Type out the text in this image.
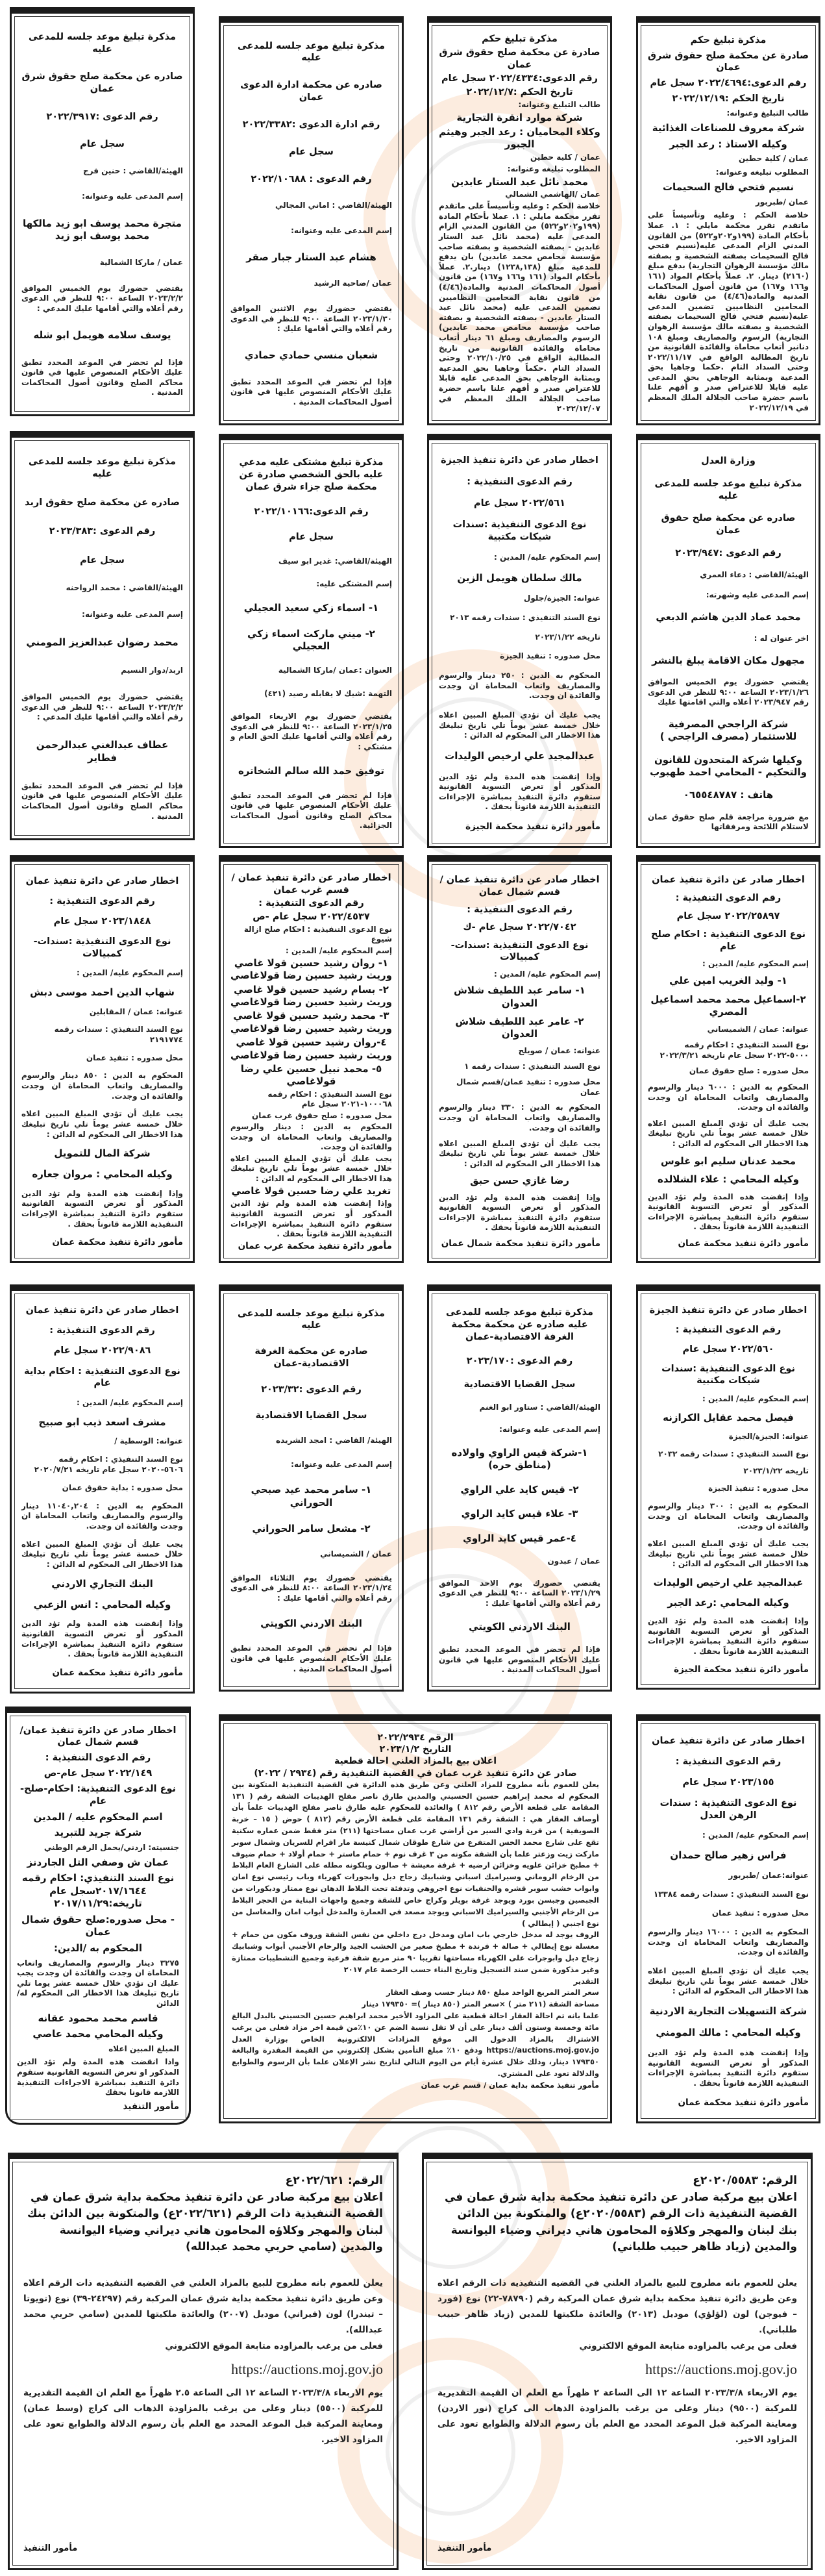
مذكرة تبليغ حكم
صادرة عن محكمة صلح حقوق شرق عمان
رقم الدعوى:٢٠٢٢/٤٦٩٤ سجل عام
تاريخ الحكم :٢٠٢٢/١٢/١٩
طالب التبليغ وعنوانه:
شركة معروف للصناعات الغذائية
وكيله الاستاذ : رعد الجبر
عمان / كلية حطين
المطلوب تبليغه وعنوانه:
نسيم فتحي فالح السحيمات
عمان /طبربور
خلاصة الحكم : وعليه وتأسيساً على ماتقدم تقرر محكمة مايلي : ١. عملا بأحكام المادة (١٩٩و٢٠٢و٥٢٢) من القانون المدني الزام المدعى عليه(نسيم فتحي فالح السحيمات بصفته الشخصية و بصفته مالك مؤسسة الرهوان التجارية) بدفع مبلغ (٢١٦٠) دينار. ٢. عملاً بأحكام المواد (١٦١ و١٦٦ و١٦٧) من قانون أصول المحاكمات المدنية والمادة(٤/٤٦) من قانون نقابة المحامين النظاميين تضمين المدعى عليه(نسيم فتحي فالح السحيمات بصفته الشخصية و بصفته مالك مؤسسة الرهوان التجارية) الرسوم والمصاريف ومبلغ ١٠٨ دنانير أتعاب محاماة والفائدة القانونية من تاريخ المطالبة الواقع في ٢٠٢٢/١١/١٧ وحتى السداد التام .حكما وجاهيا بحق المدعية وبمثابة الوجاهي بحق المدعى عليه قابلا للاعتراض صدر و أفهم علنا باسم حضرة صاحب الجلالة الملك المعظم في ٢٠٢٢/١٢/١٩
مذكرة تبليغ حكم
صادرة عن محكمة صلح حقوق شرق عمان
رقم الدعوى:٢٠٢٢/٤٣٣٤ سجل عام
تاريخ الحكم :٢٠٢٢/١٢/٧
طالب التبليغ وعنوانه:
شركة موارد انقرة التجارية
وكلاء المحاميان : رعد الجبر وهيثم الجبور
عمان / كلية حطين
المطلوب تبليغه وعنوانه:
محمد نائل عبد الستار عابدين
عمان /الهاشمي الشمالي
خلاصة الحكم : وعليه وتأسيساً على ماتقدم تقرر محكمة مايلي : ١. عملا بأحكام المادة (١٩٩و٢٠٢و٥٢٢) من القانون المدني الزام المدعى عليه (محمد نائل عبد الستار عابدين - بصفته الشخصية و بصفته صاحب مؤسسة محامص محمد عابدين) بان يدفع للمدعية مبلغ (١٢٣٨,١٣٨) دينار.٢. عملاً بأحكام المواد (١٦١ و١٦٦ و١٦٧) من قانون أصول المحاكمات المدنية والمادة(٤/٤٦) من قانون نقابة المحامين النظاميين تضمين المدعى عليه (محمد نائل عبد الستار عابدين - بصفته الشخصية و بصفته صاحب مؤسسة محامص محمد عابدين) الرسوم والمصاريف ومبلغ ٦١ دينار أتعاب محاماة والفائدة القانونية من تاريخ المطالبة الواقع في ٢٠٢٢/١٠/٢٥ وحتى السداد التام .حكماً وجاهيا بحق المدعية وبمثابة الوجاهي بحق المدعى عليه قابلا للاعتراض صدر و أفهم علنا باسم حضرة صاحب الجلالة الملك المعظم في ٢٠٢٢/١٢/٠٧
مذكرة تبليغ موعد جلسه للمدعى عليه
صادره عن محكمة ادارة الدعوى عمان
رقم ادارة الدعوى :٢٠٢٢/٣٣٨٢
سجل عام
رقم الدعوى : ٢٠٢٢/١٠٦٨٨
الهيئة/القاضي : اماني المجالي
إسم المدعى عليه وعنوانه:
هشام عبد الستار جبار صقر
عمان /ضاحية الرشيد
يقتضي حضورك يوم الاثنين الموافق ٢٠٢٣/١/٣٠ الساعة ٩:٠٠ للنظر في الدعوى رقم أعلاه والتي أقامها عليك :
شعبان منسي حمادي حمادي
فإذا لم تحضر في الموعد المحدد تطبق عليك الأحكام المنصوص عليها في قانون أصول المحاكمات المدنية .
مذكرة تبليغ موعد جلسه للمدعى عليه
صادره عن محكمة صلح حقوق شرق عمان
رقم الدعوى :٢٠٢٢/٣٩١٧
سجل عام
الهيئة/القاضي : حنين فرج
إسم المدعى عليه وعنوانه:
متجرة محمد يوسف ابو زيد مالكها محمد يوسف ابو زيد
عمان / ماركا الشمالية
يقتضي حضورك يوم الخميس الموافق ٢٠٢٣/٢/٢ الساعة ٩:٠٠ للنظر في الدعوى رقم أعلاه والتي أقامها عليك المدعي :
يوسف سلامه هويمل ابو شله
فإذا لم تحضر في الموعد المحدد تطبق عليك الأحكام المنصوص عليها في قانون محاكم الصلح وقانون أصول المحاكمات المدنية .
وزارة العدل
مذكرة تبليغ موعد جلسه للمدعى عليه
صادره عن محكمة صلح حقوق عمان
رقم الدعوى :٢٠٢٣/٩٤٧
الهيئة/القاضي : دعاء العمري
إسم المدعى عليه وشهرته:
محمد عماد الدين هاشم الدبعي
اخر عنوان له :
مجهول مكان الاقامة يبلغ بالنشر
يقتضي حضورك يوم الخميس الموافق ٢٠٢٣/١/٢٦ الساعة ٩:٠٠ للنظر في الدعوى رقم ٢٠٢٣/٩٤٧ أعلاه والتي اقامتها عليك
شركة الراجحي المصرفية للاستثمار (مصرف الراجحي )
وكيلها شركة المتحدون للقانون والتحكيم - المحامي احمد طهبوب
هاتف : ٠٦٥٥٤٨٧٨٧
مع ضرورة مراجعة قلم صلح حقوق عمان لاستلام اللائحة ومرفقاتها
اخطار صادر عن دائرة تنفيذ الجيزة
رقم الدعوى التنفيذية :
٢٠٢٢/٥٦١ سجل عام
نوع الدعوى التنفيذية :سندات شيكات مكتبية
إسم المحكوم عليه/ المدين :
مالك سلطان هويمل الزبن
عنوانه: الجيزة/جلول
نوع السند التنفيذي : سندات رقمه ٢٠١٣
تاريخه ٢٠٢٣/١/٢٢
محل صدوره : تنفيذ الجيزة
المحكوم به الدين : ٢٥٠ دينار والرسوم والمصاريف واتعاب المحاماة ان وجدت والفائدة ان وجدت.
يجب عليك أن تؤدي المبلغ المبين اعلاه خلال خمسة عشر يوماً تلي تاريخ تبليغك هذا الاخطار الى المحكوم له الدائن :
عبدالمجيد علي ارخيص الوليدات
وإذا إنقضت هذه المدة ولم تؤد الدين المذكور أو تعرض التسوية القانونية ستقوم دائرة التنفيذ بمباشرة الإجراءات التنفيذية اللازمة قانوناً بحقك .
مأمور دائرة تنفيذ محكمة الجيزة
مذكرة تبليغ مشتكى عليه مدعي عليه بالحق الشخصي صادرة عن محكمة صلح جزاء شرق عمان
رقم الدعوى:٢٠٢٢/١٠١٦٦
سجل عام
الهيئة/القاضي: غدير ابو سيف
إسم المشتكى عليه:
١- اسماء زكي سعيد العجيلي
٢- ميني ماركت اسماء زكي العجيلي
العنوان :عمان /ماركا الشمالية
التهمة :شيك لا يقابله رصيد (٤٢١)
يقتضي حضورك يوم الاربعاء الموافق ٢٠٢٣/١/٢٥ الساعة ٩:٠٠ للنظر في الدعوى رقم أعلاه والتي أقامها عليك الحق العام و مشتكي :
توفيق حمد الله سالم الشخاتره
فإذا لم تحضر في الموعد المحدد تطبق عليك الأحكام المنصوص عليها في قانون محاكم الصلح وقانون أصول المحاكمات الجزائية.
مذكرة تبليغ موعد جلسه للمدعى عليه
صادره عن محكمة صلح حقوق اربد
رقم الدعوى :٢٠٢٣/٣٨٣
سجل عام
الهيئة/القاضي : محمد الرواحنه
إسم المدعى عليه وعنوانه:
محمد رضوان عبدالعزيز المومني
اربد/دوار النسيم
يقتضي حضورك يوم الخميس الموافق ٢٠٢٣/٢/٢ الساعة ٩:٠٠ للنظر في الدعوى رقم أعلاه والتي أقامها عليك المدعي :
عطاف عبدالغني عبدالرحمن فطاير
فإذا لم تحضر في الموعد المحدد تطبق عليك الأحكام المنصوص عليها في قانون محاكم الصلح وقانون أصول المحاكمات المدنية .
اخطار صادر عن دائرة تنفيذ عمان
رقم الدعوى التنفيذية :
٢٠٢٢/٢٥٨٩٧ سجل عام
نوع الدعوى التنفيذية : احكام صلح عام
إسم المحكوم عليه/ المدين :
١- وليد الغريب امين علي
٢-اسماعيل محمد محمد اسماعيل المصري
عنوانه: عمان / الشميساني
نوع السند التنفيذي : احكام رقمه ٥٠٠٠-٢٠٢٢ سجل عام تاريخه ٢٠٢٢/٣/٢١
محل صدوره : صلح حقوق عمان
المحكوم به الدين : ٦٠٠٠ دينار والرسوم والمصاريف واتعاب المحاماة ان وجدت والفائدة ان وجدت.
يجب عليك أن تؤدي المبلغ المبين اعلاه خلال خمسة عشر يوماً تلي تاريخ تبليغك هذا الاخطار الى المحكوم له الدائن :
محمد عدنان سليم ابو غلوس
وكيله المحامي : علاء الشلالده
وإذا إنقضت هذه المدة ولم تؤد الدين المذكور أو تعرض التسوية القانونية ستقوم دائرة التنفيذ بمباشرة الإجراءات التنفيذية اللازمة قانوناً بحقك .
مأمور دائرة تنفيذ محكمة عمان
اخطار صادر عن دائرة تنفيذ عمان /قسم شمال عمان
رقم الدعوى التنفيذية :
٢٠٢٢/٧٠٤٢ سجل عام -ك
نوع الدعوى التنفيذية :سندات-كمبيالات
إسم المحكوم عليه/ المدين :
١- سامر عبد اللطيف شلاش العدوان
٢- عامر عبد اللطيف شلاش العدوان
عنوانه: عمان / صويلح
نوع السند التنفيذي : سندات رقمه ١
محل صدوره : تنفيذ عمان/قسم شمال عمان
المحكوم به الدين : ٣٣٠ دينار والرسوم والمصاريف واتعاب المحاماة ان وجدت والفائدة ان وجدت.
يجب عليك أن تؤدي المبلغ المبين اعلاه خلال خمسة عشر يوماً تلي تاريخ تبليغك هذا الاخطار الى المحكوم له الدائن :
رضا غازي حسن حبق
وإذا إنقضت هذه المدة ولم تؤد الدين المذكور أو تعرض التسوية القانونية ستقوم دائرة التنفيذ بمباشرة الإجراءات التنفيذية اللازمة قانوناً بحقك .
مأمور دائرة تنفيذ محكمة شمال عمان
اخطار صادر عن دائرة تنفيذ عمان /قسم غرب عمان
رقم الدعوى التنفيذية :
٢٠٢٢/٤٥٣٧ سجل عام -ص
نوع الدعوى التنفيذية : احكام صلح ازالة شيوع
إسم المحكوم عليه/ المدين :
١- روان رشيد حسين قولا غاصي وريث رشيد حسين رضا قولاغاصي
٢- بسام رشيد حسين قولا غاصي وريث رشيد حسين رضا قولاغاصي
٣- محمد رشيد حسين قولا غاصي وريث رشيد حسين رضا قولاغاصي
٤-روان رشيد حسين قولا غاصي وريث رشيد حسين رضا قولاغاصي
٥- محمد نبيل حسين علي رضا قولاغاصي
نوع السند التنفيذي : احكام رقمه ١٠٠٠٦٨-٢٠٢١ سجل عام
محل صدوره : صلح حقوق غرب عمان
المحكوم به الدين : دينار والرسوم والمصاريف واتعاب المحاماة ان وجدت والفائدة ان وجدت.
يجب عليك أن تؤدي المبلغ المبين اعلاه خلال خمسة عشر يوماً تلي تاريخ تبليغك هذا الاخطار الى المحكوم له الدائن :
تغريد علي رضا حسين قولا غاصي
وإذا إنقضت هذه المدة ولم تؤد الدين المذكور أو تعرض التسوية القانونية ستقوم دائرة التنفيذ بمباشرة الإجراءات التنفيذية اللازمة قانوناً بحقك .
مأمور دائرة تنفيذ محكمة غرب عمان
اخطار صادر عن دائرة تنفيذ عمان
رقم الدعوى التنفيذية :
٢٠٢٣/١٨٤٨ سجل عام
نوع الدعوى التنفيذية :سندات-كمبيالات
إسم المحكوم عليه/ المدين :
شهاب الدين احمد موسى دبش
عنوانه: عمان / المقابلين
نوع السند التنفيذي : سندات رقمه ٢١٩١٧٧٤
محل صدوره : تنفيذ عمان
المحكوم به الدين : ٨٥٠ دينار والرسوم والمصاريف واتعاب المحاماة ان وجدت والفائدة ان وجدت.
يجب عليك أن تؤدي المبلغ المبين اعلاه خلال خمسة عشر يوماً تلي تاريخ تبليغك هذا الاخطار الى المحكوم له الدائن :
شركة المال للتمويل
وكيله المحامي : مروان جعاره
وإذا إنقضت هذه المدة ولم تؤد الدين المذكور أو تعرض التسوية القانونية ستقوم دائرة التنفيذ بمباشرة الإجراءات التنفيذية اللازمة قانوناً بحقك .
مأمور دائرة تنفيذ محكمة عمان
اخطار صادر عن دائرة تنفيذ الجيزة
رقم الدعوى التنفيذية :
٢٠٢٢/٥٦٠ سجل عام
نوع الدعوى التنفيذية :سندات شيكات مكتبية
إسم المحكوم عليه/ المدين :
فيصل محمد عقايل الكرازنه
عنوانه: الجيزة/الجيزة
نوع السند التنفيذي : سندات رقمه ٢٠٣٢
تاريخه ٢٠٢٣/١/٢٢
محل صدوره : تنفيذ الجيزة
المحكوم به الدين : ٣٠٠ دينار والرسوم والمصاريف واتعاب المحاماة ان وجدت والفائدة ان وجدت.
يجب عليك أن تؤدي المبلغ المبين اعلاه خلال خمسة عشر يوماً تلي تاريخ تبليغك هذا الاخطار الى المحكوم له الدائن :
عبدالمجيد علي ارخيص الوليدات
وكيله المحامي :رعد الجبر
وإذا إنقضت هذه المدة ولم تؤد الدين المذكور أو تعرض التسوية القانونية ستقوم دائرة التنفيذ بمباشرة الإجراءات التنفيذية اللازمة قانوناً بحقك .
مأمور دائرة تنفيذ محكمة الجيزة
مذكرة تبليغ موعد جلسه للمدعى عليه صادره عن محكمة محكمة الغرفة الاقتصادية-عمان
رقم الدعوى :٢٠٢٣/١٧٠
سجل القضايا الاقتصادية
الهيئة/القاضي : ستاور ابو الغنم
إسم المدعى عليه وعنوانه:
١-شركة قيس الراوي واولاده (مناطق حره)
٢- قيس كايد علي الراوي
٣- علاء قيس كايد الراوي
٤-عمر قيس كايد الراوي
عمان / عبدون
يقتضي حضورك يوم الاحد الموافق ٢٠٢٣/١/٢٩ الساعة ٩:٠٠ للنظر في الدعوى رقم أعلاه والتي أقامها عليك :
البنك الاردني الكويتي
فإذا لم تحضر في الموعد المحدد تطبق عليك الأحكام المنصوص عليها في قانون أصول المحاكمات المدنية .
مذكرة تبليغ موعد جلسه للمدعى عليه
صادره عن محكمة الغرفة الاقتصادية-عمان
رقم الدعوى :٢٠٢٣/٣٢
سجل القضايا الاقتصادية
الهيئة/ القاضي : امجد الشريده
إسم المدعى عليه وعنوانه:
١- سامر محمد عيد صبحي الحوراني
٢- مشعل سامر الحوراني
عمان / الشميساني
يقتضي حضورك يوم الثلاثاء الموافق ٢٠٢٣/١/٢٤ الساعة ٨:٠٠ للنظر في الدعوى رقم أعلاه والتي أقامها عليك :
البنك الاردني الكويتي
فإذا لم تحضر في الموعد المحدد تطبق عليك الأحكام المنصوص عليها في قانون أصول المحاكمات المدنية .
اخطار صادر عن دائرة تنفيذ عمان
رقم الدعوى التنفيذية :
٢٠٢٢/٩٠٨٦ سجل عام
نوع الدعوى التنفيذية : احكام بداية عام
إسم المحكوم عليه/ المدين :
مشرف اسعد ذيب ابو صبيح
عنوانه: الوسطية /
نوع السند التنفيذي : احكام رقمه ٥٦٠٦-٢٠٢٠ سجل عام تاريخه ٢٠٢٠/٧/٢١
محل صدوره : بداية حقوق عمان
المحكوم به الدين : ١١٠٤٠,٢٠٤ دينار والرسوم والمصاريف واتعاب المحاماة ان وجدت والفائدة ان وجدت.
يجب عليك أن تؤدي المبلغ المبين اعلاه خلال خمسة عشر يوماً تلي تاريخ تبليغك هذا الاخطار الى المحكوم له الدائن :
البنك التجاري الاردني
وكيله المحامي : انس الزعبي
وإذا إنقضت هذه المدة ولم تؤد الدين المذكور أو تعرض التسوية القانونية ستقوم دائرة التنفيذ بمباشرة الإجراءات التنفيذية اللازمة قانوناً بحقك .
مأمور دائرة تنفيذ محكمة عمان
اخطار صادر عن دائرة تنفيذ عمان
رقم الدعوى التنفيذية :
٢٠٢٣/١٥٥ سجل عام
نوع الدعوى التنفيذية : سندات الرهن العدل
إسم المحكوم عليه/ المدين :
فراس زهير صالح حمدان
عنوانه:عمان /طبربور
نوع السند التنفيذي : سندات رقمه ١٣٣٨٤
محل صدوره : تنفيذ عمان
المحكوم به الدين : ١٦٠٠٠ دينار والرسوم والمصاريف واتعاب المحاماة ان وجدت والفائدة ان وجدت.
يجب عليك أن تؤدي المبلغ المبين اعلاه خلال خمسة عشر يوماً تلي تاريخ تبليغك هذا الاخطار الى المحكوم له الدائن :
شركة التسهيلات التجارية الاردنية
وكيله المحامي : مالك المومني
وإذا إنقضت هذه المدة ولم تؤد الدين المذكور أو تعرض التسوية القانونية ستقوم دائرة التنفيذ بمباشرة الإجراءات التنفيذية اللازمة قانوناً بحقك .
مأمور دائرة تنفيذ محكمة عمان
الرقم ٢٠٢٢/٢٩٣٤
التاريخ ٢٠٢٣/١/٢
اعلان بيع بالمزاد العلني احالة قطعية
صادر عن دائرة تنفيذ غرب عمان في القضية التنفيذية رقم (٢٩٣٤ / ٢٠٢٢)
يعلن للعموم بأنه مطروح للمزاد العلني وعن طريق هذه الدائرة في القضية التنفيذية المتكونة بين المحكوم له محمد إبراهيم حسين الحسيني والمدين طارق ناصر مفلح الهديبات الشقة رقم ( ١٣١ المقامة على قطعة الأرض رقم ٨١٢ ) والعائدة للمحكوم عليه طارق ناصر مفلح الهديبات علماً بأن أوصاف العقار هي : الشقة رقم ١٣١ المقامة على قطعة الأرض رقم (٨١٢ ) حوض ( ١٥ – خربة الصويفية ) من قرية وادي السير من أراضي غرب عمان مساحتها (٢١١) متر فقط ضمن عماره سكنية تقع على شارع محمد الخس المتفرع من شارع طوقان شمال كنيسة مار افرام للسريان وشمال سوبر ماركت زيت وزعتر علما بأن الشقة مكونه من ٣ غرف نوم + حمام ماستر + حمام أولاد + حمام ضيوف + مطبخ خزائن علويه وخزائن ارضيه + غرفة معيشة + صالون وبلكونه مطله على الشارع العام البلاط من الرخام الروماني وسيراميك اسباني وشبابيك زجاج دبل وابجورات كهرباء وباب رئيسي نوع امان وابواب خشب سوبر قشره والحنفيات نوع اجروهي وتدفئة تحت البلاط الدهان نوع ممتاز وديكورات من الجبصين وجبسن بورد ويوجد غرفة بويلر وكراج خاص للشقة وجميع واجهات البناية من الحجر البلاط من الرخام الأجنبي والسيراميك الاسباني ويوجد مصعد في العمارة والمدخل أبواب امان والمغاسل من نوع اجنبي ( إيطالي )
الروف يوجد له مدخل خارجي باب امان ومدخل درج داخلي من نفس الشقة وروف مكون من حمام + مغسلة نوع إيطالي + صالة + فرندة + مطبخ صغير من الخشب الجيد والرخام الأجنبي أبواب وشبابيك زجاج دبل وابوجرات على الكهرباء مساحتها تقريبا ٩٠ متر مربع شقة فرعية وجميع التشطيبات ممتازة وغير مذكورة ضمن سند التسجيل وتاريخ البناء حسب الرخصة عام ٢٠١٧
التقدير
سعر المتر المربع الواحد مبلغ ٨٥٠ دينار حسب وصف العقار
مساحة الشقة (٢١١ متر ) ×سعر المتر (٨٥٠ دينار )= ١٧٩٣٥٠ دينار
علما بانه تم احالة العقار احالة قطعية على المزاود الأخير محمد ابراهيم حسين الحسيني بالبدل البالغ مائة وخمسة وستون ألف دينار على أن لا تقل نسبة الضم عن ١٠٪من قيمة اخر مزاد فعلى من يرغب الاشتراك بالمزاد الدخول الى موقع المزادات الالكترونية الخاص بوزارة العدل https://auctions.moj.gov.jo ودفع ١٠٪ مبلغ التأمين بشكل إلكتروني من القيمة المقدرة والبالغة ١٧٩٣٥٠ دينار، وذلك خلال عشرة أيام من اليوم التالي لتاريخ نشر الإعلان علما بأن الرسوم والطوابع والدلالة تعود على المشتري.
مأمور تنفيذ محكمة بداية عمان / قسم غرب عمان
اخطار صادر عن دائرة تنفيذ عمان/قسم شمال عمان
رقم الدعوى التنفيذية :
٢٠٢٢/١٤٩ سجل عام-ص
نوع الدعوى التنفيذية: احكام-صلح-عام
اسم المحكوم عليه / المدين
شركة جريد للتبريد
جنسيته: اردني/يحمل الرقم الوطني
عمان ش وصفي التل الجاردنز
نوع السند التنفيذي: احكام رقمه ٢٠١٧/١٦٤٤سجل عام تاريخه:٢٠١٧/١١/٢٩
- محل صدوره:صلح حقوق شمال عمان
المحكوم به /الدين:
٣٢٧٥ دينار والرسوم والمصاريف واتعاب المحاماة ان وجدت والفائدة ان وجدت يجب عليك ان تؤدي خلال خمسة عشر يوما تلي تاريخ تبليغك هذا الاخطار الى المحكوم له/ الدائن
قاسم محمد محمود عقانه
وكيله المحامي محمد عاصي
المبلغ المبين اعلاه
واذا انقضت هذه المدة ولم تؤد الدين المذكور او تعرض التسويه القانونية ستقوم دائرة التنفيذ بمباشرة الاجراءات التنفيذية اللازمه قانونا بحقك
مأمور التنفيذ
الرقم: ٢٠٢٠/٥٥٨٣ع
اعلان بيع مركبة صادر عن دائرة تنفيذ محكمة بداية شرق عمان في القضية التنفيذية ذات الرقم (٢٠٢٠/٥٥٨٣ع) والمتكونة بين الدائن بنك لبنان والمهجر وكلاؤه المحامون هاني ديراني وضياء اليوانسة
والمدين (زياد ظاهر حبيب طلباني)
يعلن للعموم بانه مطروح للبيع بالمزاد العلني في القضيه التنفيذيه ذات الرقم اعلاه وعن طريق دائرة تنفيذ محكمة بداية شرق عمان المركبة رقم (٧٨٧٩٠-٢٢) نوع (فورد – فيوجن) لون (لؤلؤي) موديل (٢٠١٣) والعائدة ملكيتها للمدين (زياد ظاهر حبيب طلباني).
فعلى من يرغب بالمزاوده متابعة الموقع الالكتروني
https://auctions.moj.gov.jo
يوم الاربعاء ٢٠٢٣/٣/٨ الساعة ١٢ الى الساعة ٢ ظهراً مع العلم ان القيمة التقديرية للمركبة (٩٥٠٠) دينار وعلى من يرغب بالمزاودة الذهاب الى كراج (نور الاردن) ومعاينة المركبة قبل الموعد المحدد مع العلم بأن رسوم الدلالة والطوابع تعود على المزاود الاخير.
مأمور التنفيذ
الرقم: ٢٠٢٢/٦٢١ع
اعلان بيع مركبة صادر عن دائرة تنفيذ محكمة بداية شرق عمان في القضية التنفيذية ذات الرقم (٢٠٢٢/٦٢١ع) والمتكونة بين الدائن بنك لبنان والمهجر وكلاؤه المحامون هاني ديراني وضياء اليوانسة
والمدين (سامي حربي محمد عبدالله)
يعلن للعموم بانه مطروح للبيع بالمزاد العلني في القضيه التنفيذيه ذات الرقم اعلاه وعن طريق دائرة تنفيذ محكمة بداية شرق عمان المركبة رقم (٢٤٢٩٧-٣٩) نوع (تويوتا – تيندرا) لون (فيراني) موديل (٢٠٠٧) والعائدة ملكيتها للمدين (سامي حربي محمد عبدالله).
فعلى من يرغب بالمزاوده متابعة الموقع الالكتروني
https://auctions.moj.gov.jo
يوم الاربعاء ٢٠٢٣/٣/٨ الساعة ١٢ الى الساعة ٢.٥ ظهراً مع العلم ان القيمة التقديرية للمركبة (٥٥٠٠) دينار وعلى من يرغب بالمزاودة الذهاب الى كراج (وسط عمان) ومعاينة المركبة قبل الموعد المحدد مع العلم بأن رسوم الدلالة والطوابع تعود على المزاود الاخير.
مأمور التنفيذ
